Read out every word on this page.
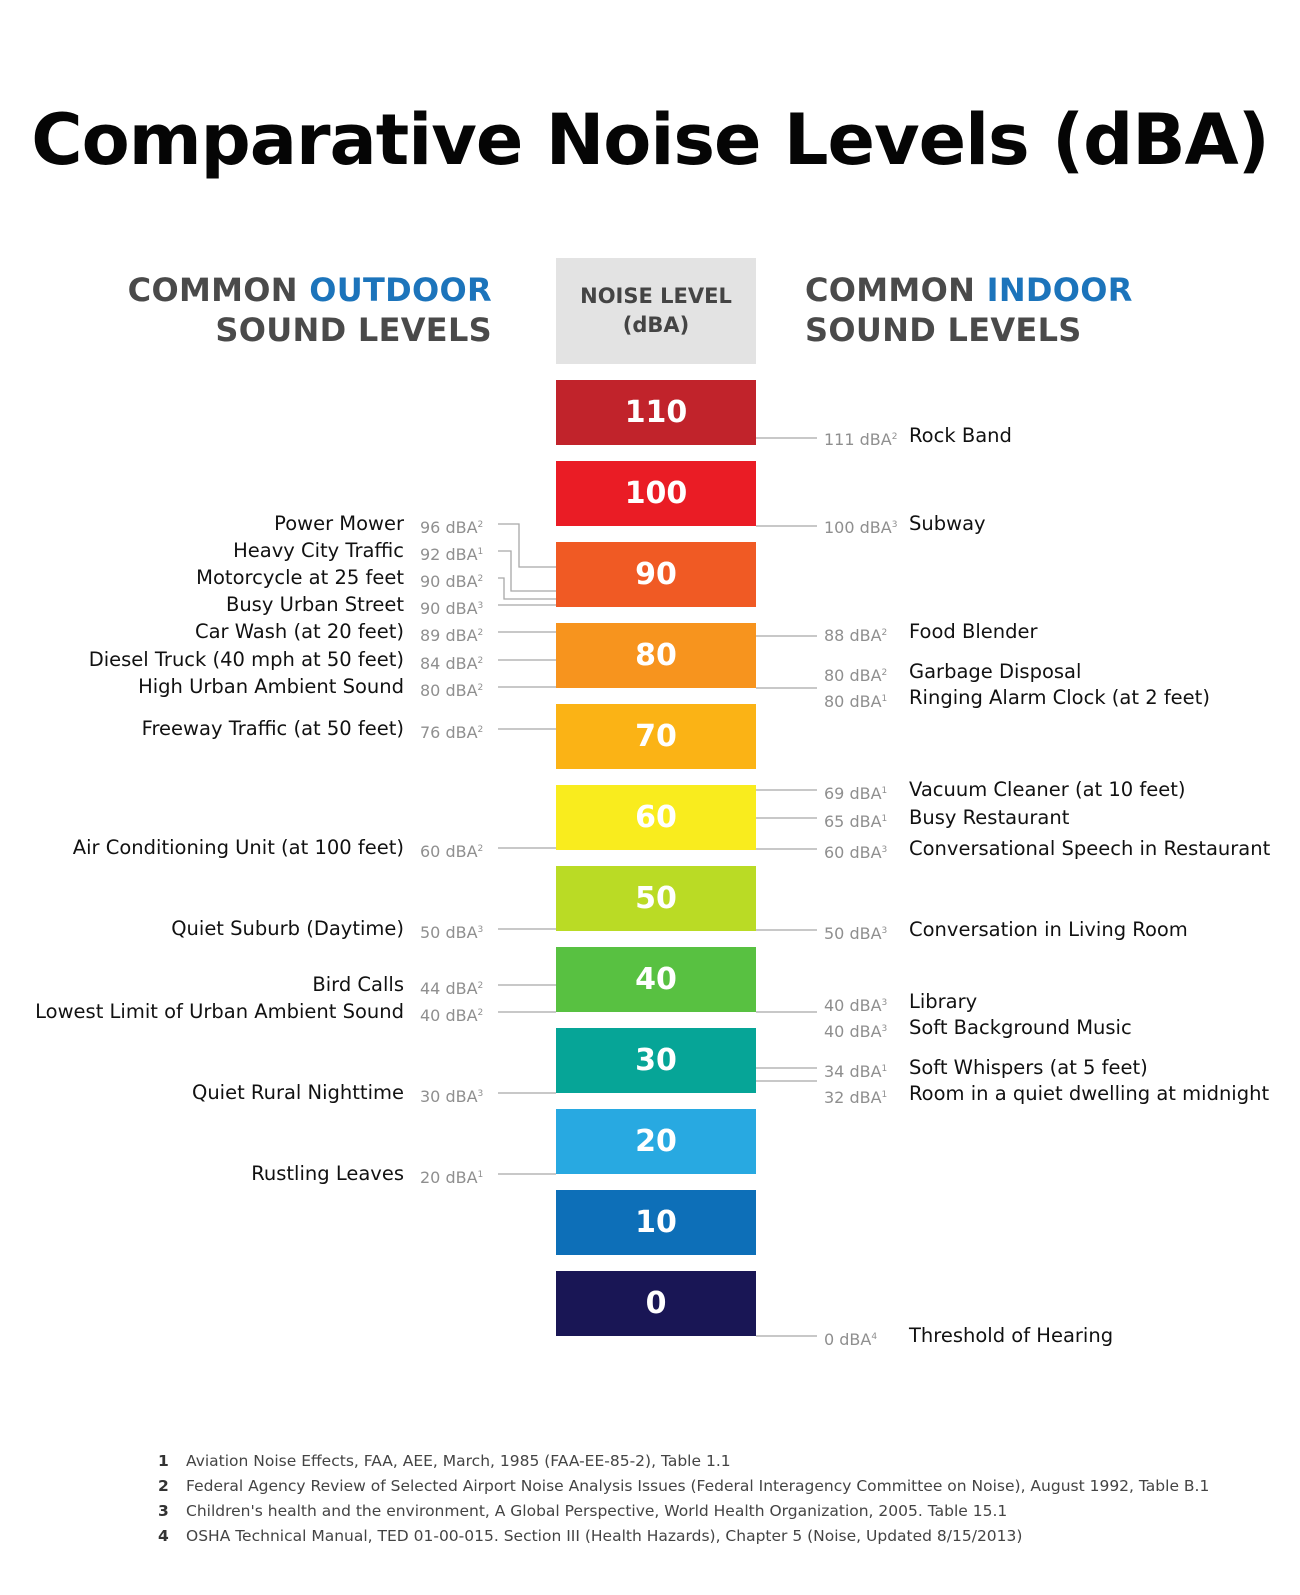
Comparative Noise Levels (dBA)
COMMON OUTDOOR
SOUND LEVELS
NOISE LEVEL
(dBA)
COMMON INDOOR
SOUND LEVELS
110
100
90
80
70
60
50
40
30
20
10
0
Power Mower 96 dBA$^2$
Heavy City Traffic 92 dBA$^1$
Motorcycle at 25 feet 90 dBA$^2$
Busy Urban Street 90 dBA$^3$
Car Wash (at 20 feet) 89 dBA$^2$
Diesel Truck (40 mph at 50 feet) 84 dBA$^2$
High Urban Ambient Sound 80 dBA$^2$
Freeway Traffic (at 50 feet) 76 dBA$^2$
Air Conditioning Unit (at 100 feet) 60 dBA$^2$
Quiet Suburb (Daytime) 50 dBA$^3$
Bird Calls 44 dBA$^2$
Lowest Limit of Urban Ambient Sound 40 dBA$^2$
Quiet Rural Nighttime 30 dBA$^3$
Rustling Leaves 20 dBA$^1$
111 dBA$^2$ Rock Band
100 dBA$^3$ Subway
88 dBA$^2$ Food Blender
80 dBA$^2$ Garbage Disposal
80 dBA$^1$ Ringing Alarm Clock (at 2 feet)
69 dBA$^1$ Vacuum Cleaner (at 10 feet)
65 dBA$^1$ Busy Restaurant
60 dBA$^3$ Conversational Speech in Restaurant
50 dBA$^3$ Conversation in Living Room
40 dBA$^3$ Library
40 dBA$^3$ Soft Background Music
34 dBA$^1$ Soft Whispers (at 5 feet)
32 dBA$^1$ Room in a quiet dwelling at midnight
0 dBA$^4$ Threshold of Hearing
1 Aviation Noise Effects, FAA, AEE, March, 1985 (FAA-EE-85-2), Table 1.1
2 Federal Agency Review of Selected Airport Noise Analysis Issues (Federal Interagency Committee on Noise), August 1992, Table B.1
3 Children's health and the environment, A Global Perspective, World Health Organization, 2005. Table 15.1
4 OSHA Technical Manual, TED 01-00-015. Section III (Health Hazards), Chapter 5 (Noise, Updated 8/15/2013)
